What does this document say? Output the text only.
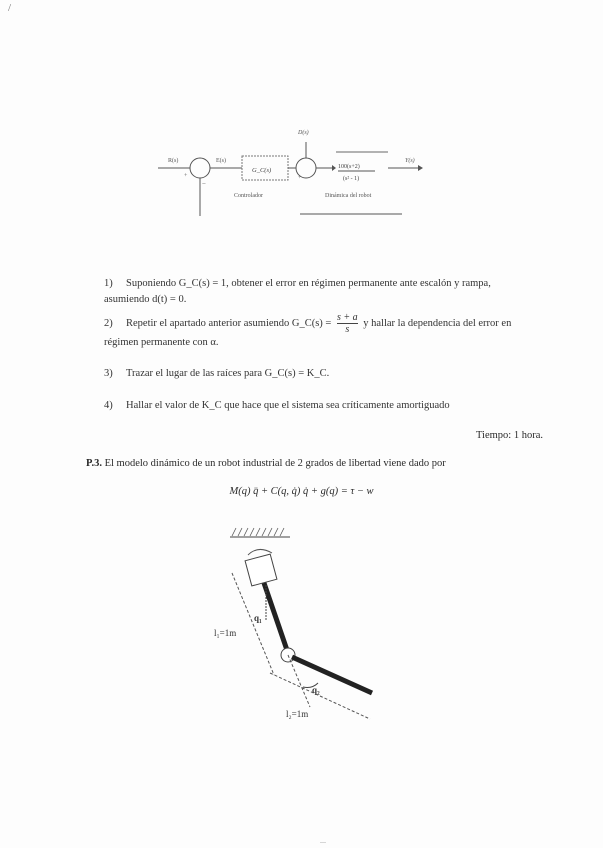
/
R(s)
+
−
E(s)
G_C(s)
Controlador
+
D(s)
100(s+2)
(s² - 1)
Dinámica del robot
Y(s)
1) Suponiendo G_C(s) = 1, obtener el error en régimen permanente ante escalón y rampa, asumiendo d(t) = 0.
2) Repetir el apartado anterior asumiendo G_C(s) = $\frac{s + a}{s}$ y hallar la dependencia del error en régimen permanente con α.
3) Trazar el lugar de las raíces para G_C(s) = K_C.
4) Hallar el valor de K_C que hace que el sistema sea críticamente amortiguado
Tiempo: 1 hora.
P.3. El modelo dinámico de un robot industrial de 2 grados de libertad viene dado por
M(q) q̈ + C(q, q̇) q̇ + g(q) = τ − w
q₁
l₁=1m
q₂
l₂=1m
...
